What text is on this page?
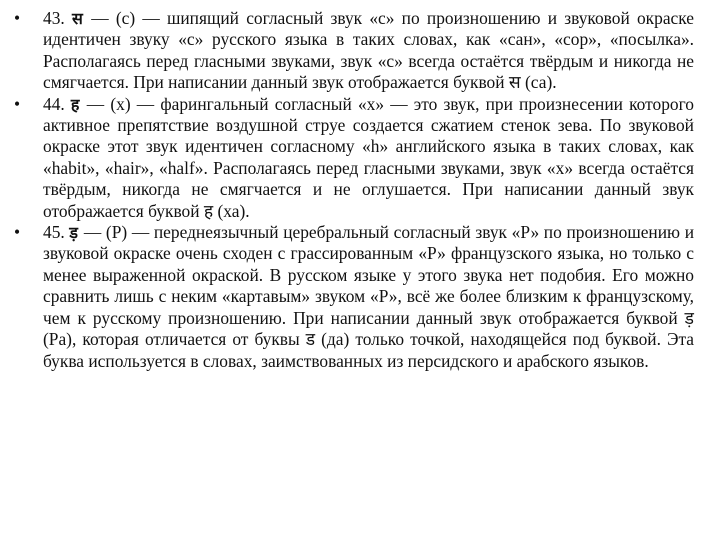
•	43. स — (с) — шипящий согласный звук «с» по произношению и звуковой окраске идентичен звуку «с» русского языка в таких словах, как «сан», «сор», «посылка». Располагаясь перед гласными звуками, звук «с» всегда остаётся твёрдым и никогда не смягчается. При написании данный звук отображается буквой स (са).
•	44. ह — (х) — фарингальный согласный «х» — это звук, при произнесении которого активное препятствие воздушной струе создается сжатием стенок зева. По звуковой окраске этот звук идентичен согласному «h» английского языка в таких словах, как «habit», «hair», «half». Располагаясь перед гласными звуками, звук «х» всегда остаётся твёрдым, никогда не смягчается и не оглушается. При написании данный звук отображается буквой ह (ха).
•	45. ड़ — (Р) — переднеязычный церебральный согласный звук «Р» по произношению и звуковой окраске очень сходен с грассированным «Р» французского языка, но только с менее выраженной окраской. В русском языке у этого звука нет подобия. Его можно сравнить лишь с неким «картавым» звуком «Р», всё же более близким к французскому, чем к русскому произношению. При написании данный звук отображается буквой ड़ (Ра), которая отличается от буквы ड (да) только точкой, находящейся под буквой. Эта буква используется в словах, заимствованных из персидского и арабского языков.
